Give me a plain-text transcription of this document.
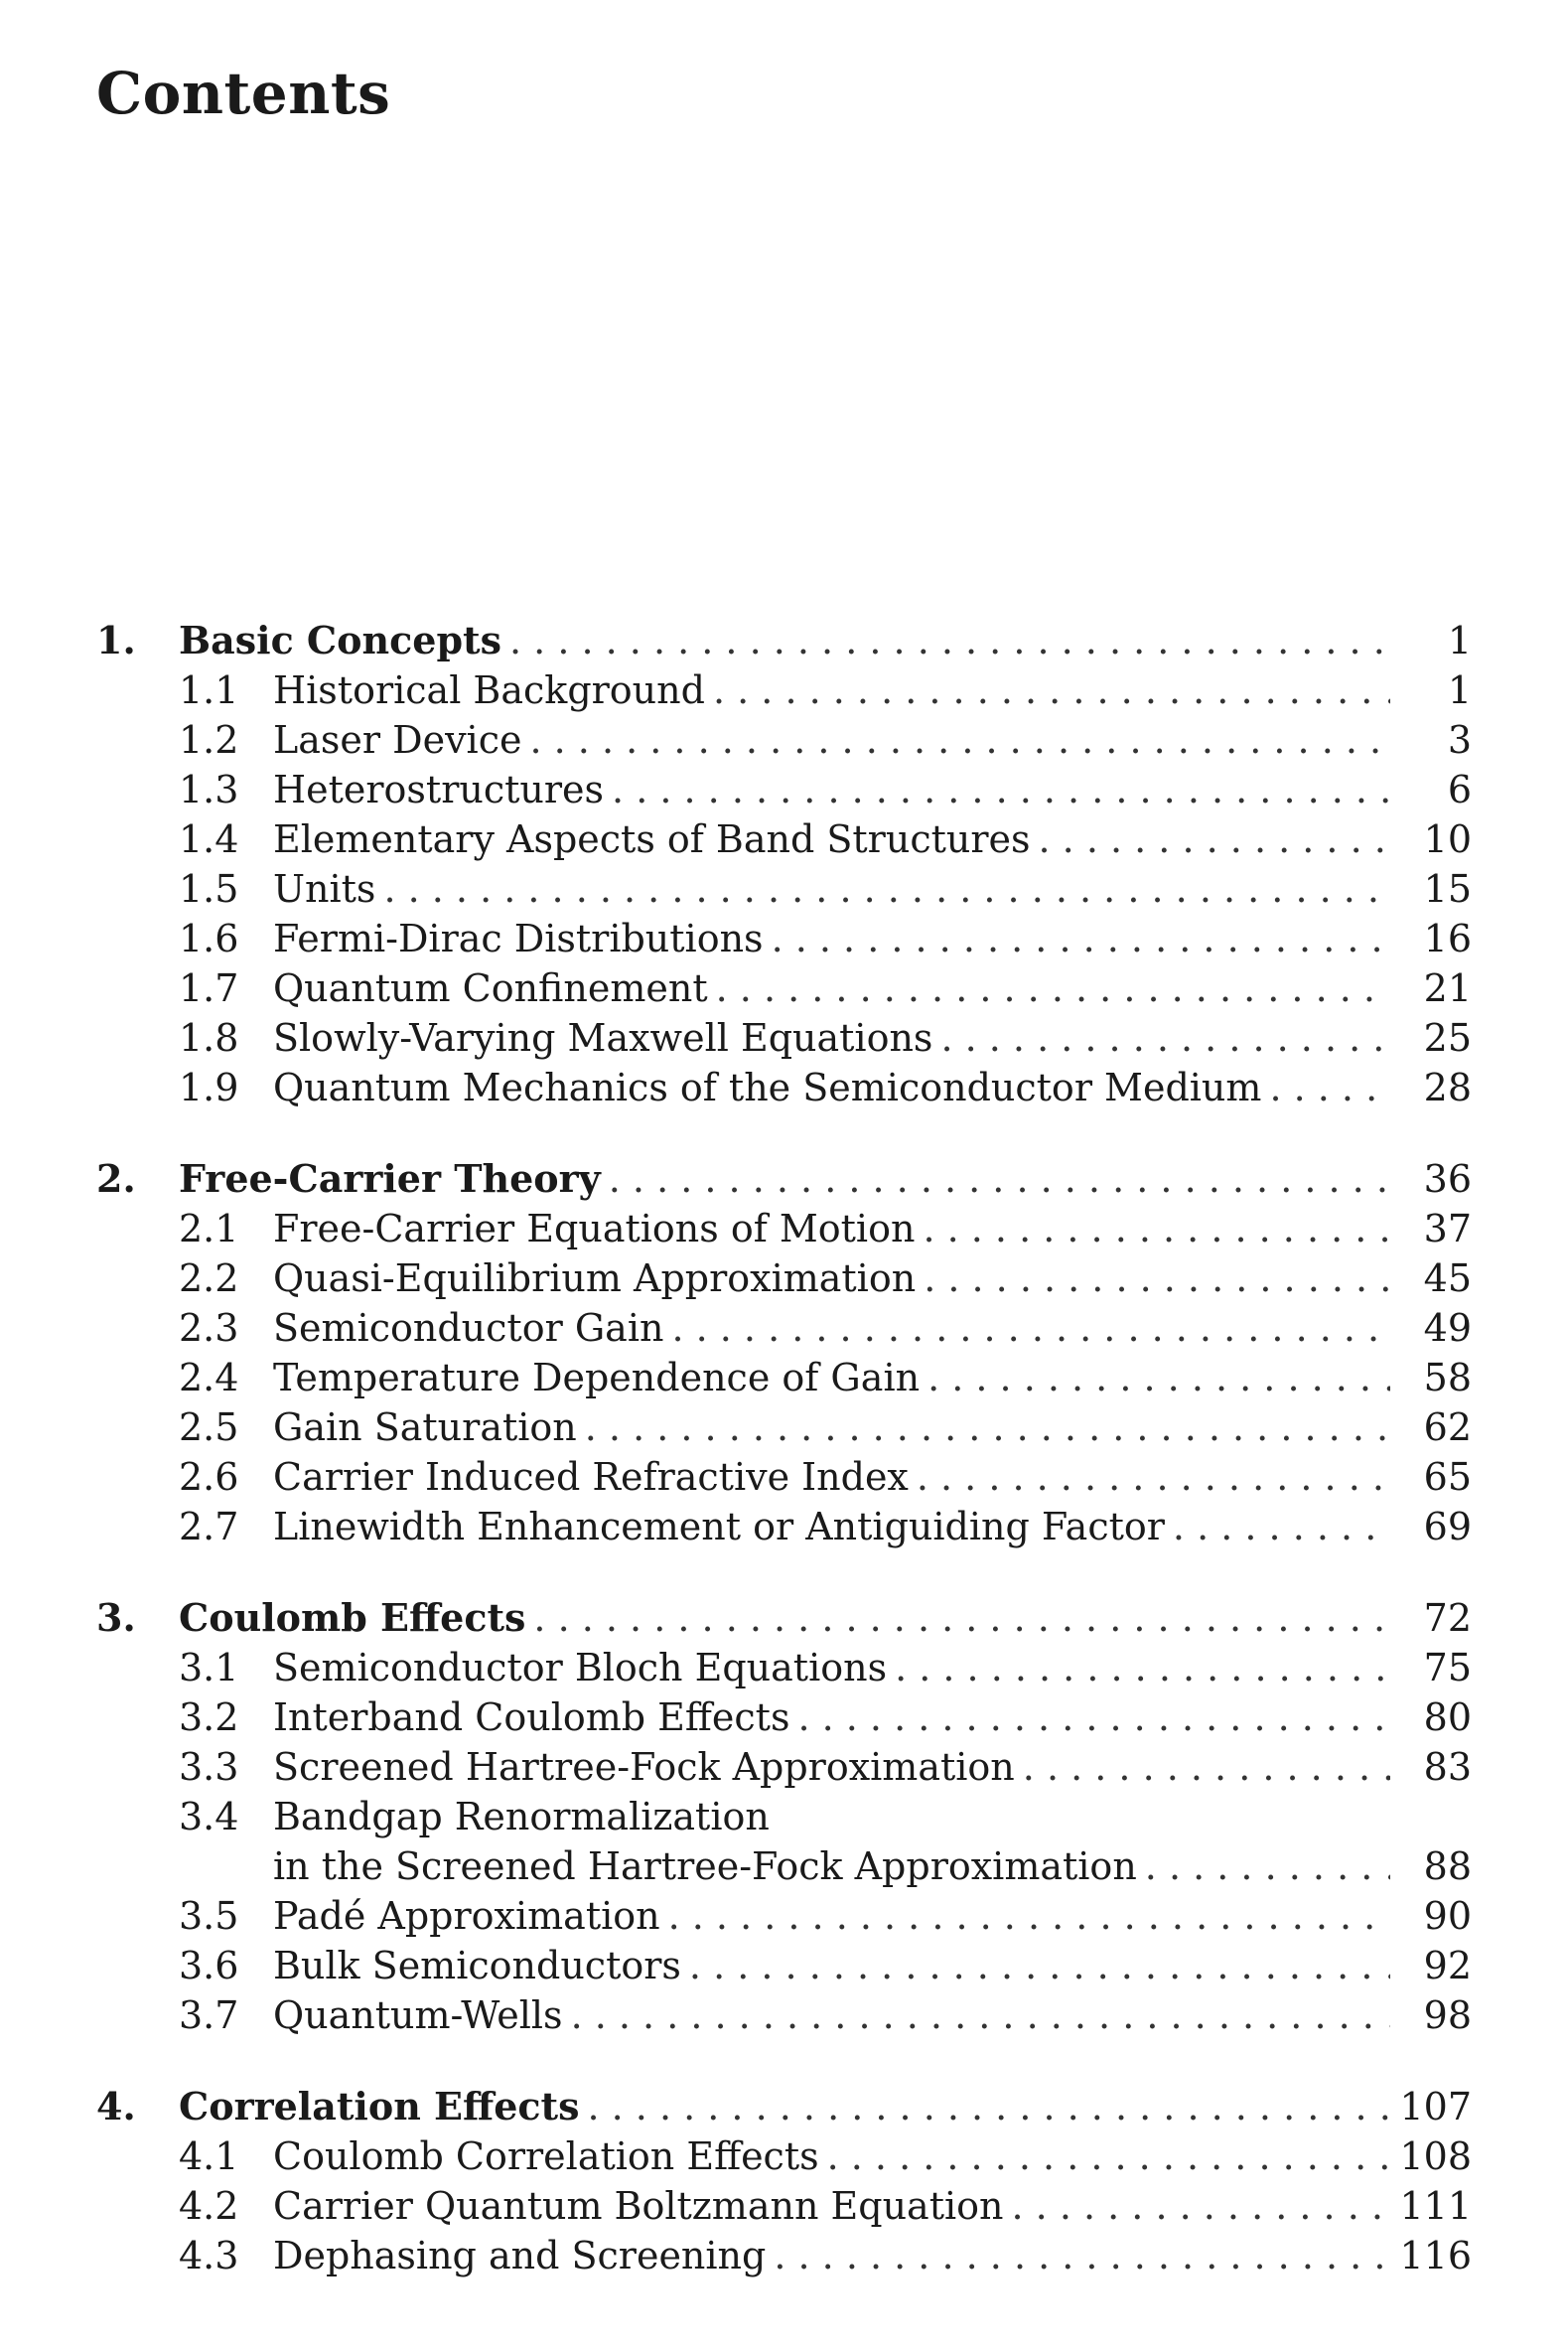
Contents
1. Basic Concepts . . .	1
1.1 Historical Background . . .	1
1.2 Laser Device . . .	3
1.3 Heterostructures . . .	6
1.4 Elementary Aspects of Band Structures . . .	10
1.5 Units . . .	15
1.6 Fermi-Dirac Distributions . . .	16
1.7 Quantum Confinement . . .	21
1.8 Slowly-Varying Maxwell Equations . . .	25
1.9 Quantum Mechanics of the Semiconductor Medium . . .	28
2. Free-Carrier Theory . . .	36
2.1 Free-Carrier Equations of Motion . . .	37
2.2 Quasi-Equilibrium Approximation . . .	45
2.3 Semiconductor Gain . . .	49
2.4 Temperature Dependence of Gain . . .	58
2.5 Gain Saturation . . .	62
2.6 Carrier Induced Refractive Index . . .	65
2.7 Linewidth Enhancement or Antiguiding Factor . . .	69
3. Coulomb Effects . . .	72
3.1 Semiconductor Bloch Equations . . .	75
3.2 Interband Coulomb Effects . . .	80
3.3 Screened Hartree-Fock Approximation . . .	83
3.4 Bandgap Renormalization
in the Screened Hartree-Fock Approximation . . .	88
3.5 Padé Approximation . . .	90
3.6 Bulk Semiconductors . . .	92
3.7 Quantum-Wells . . .	98
4. Correlation Effects . . .	107
4.1 Coulomb Correlation Effects . . .	108
4.2 Carrier Quantum Boltzmann Equation . . .	111
4.3 Dephasing and Screening . . .	116
